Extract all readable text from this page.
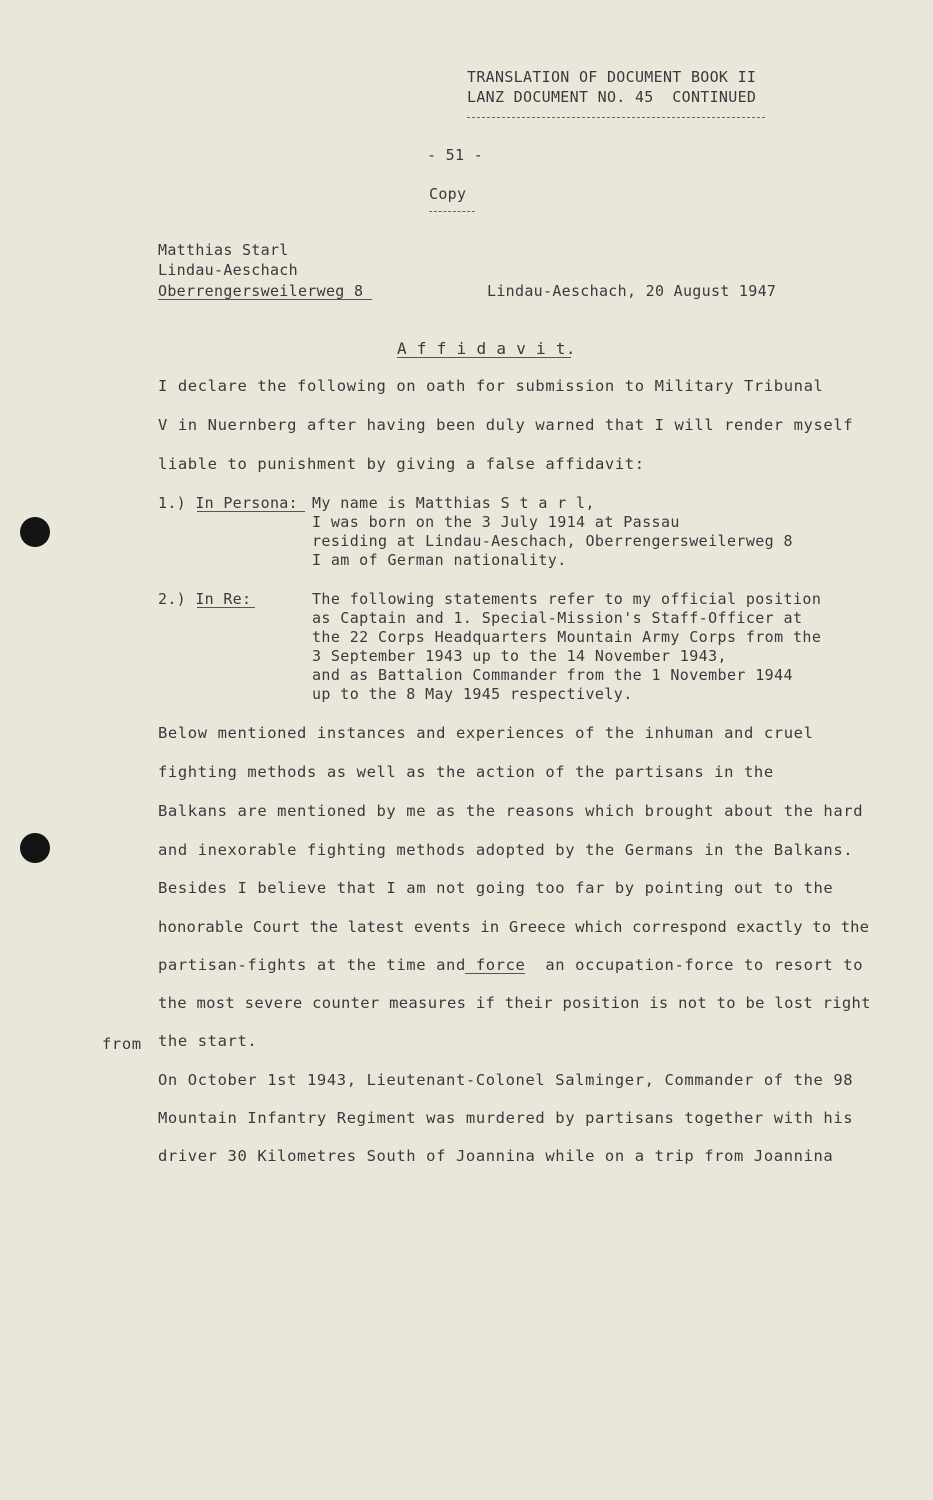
TRANSLATION OF DOCUMENT BOOK II
LANZ DOCUMENT NO. 45  CONTINUED
- 51 -
Copy
Matthias Starl
Lindau-Aeschach
Oberrengersweilerweg 8	Lindau-Aeschach, 20 August 1947
A f f i d a v i t.
I declare the following on oath for submission to Military Tribunal
V in Nuernberg after having been duly warned that I will render myself
liable to punishment by giving a false affidavit:
1.) In Persona: My name is Matthias S t a r l,
I was born on the 3 July 1914 at Passau
residing at Lindau-Aeschach, Oberrengersweilerweg 8
I am of German nationality.
2.) In Re:	The following statements refer to my official position
as Captain and 1. Special-Mission's Staff-Officer at
the 22 Corps Headquarters Mountain Army Corps from the
3 September 1943 up to the 14 November 1943,
and as Battalion Commander from the 1 November 1944
up to the 8 May 1945 respectively.
Below mentioned instances and experiences of the inhuman and cruel
fighting methods as well as the action of the partisans in the
Balkans are mentioned by me as the reasons which brought about the hard
and inexorable fighting methods adopted by the Germans in the Balkans.
Besides I believe that I am not going too far by pointing out to the
honorable Court the latest events in Greece which correspond exactly to the
partisan-fights at the time and force  an occupation-force to resort to
the most severe counter measures if their position is not to be lost right
from the start.
On October 1st 1943, Lieutenant-Colonel Salminger, Commander of the 98
Mountain Infantry Regiment was murdered by partisans together with his
driver 30 Kilometres South of Joannina while on a trip from Joannina
